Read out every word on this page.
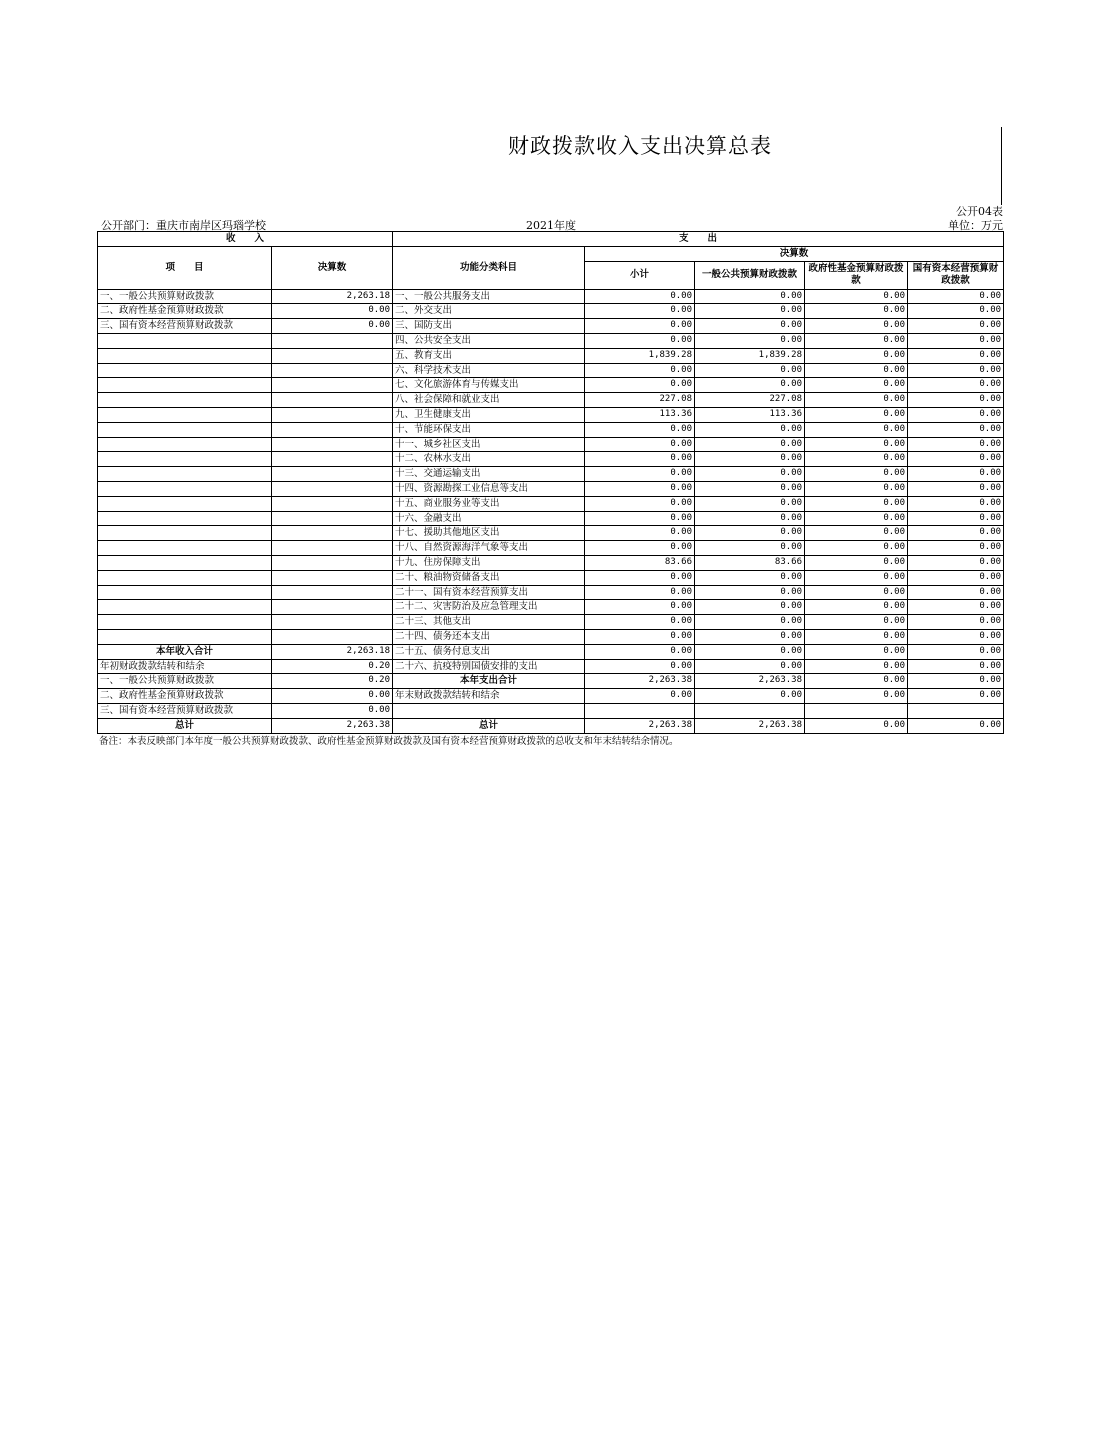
财政拨款收入支出决算总表
公开04表
公开部门：重庆市南岸区玛瑙学校	2021年度	单位：万元
收　　入		支　　出				
项　　目	决算数	功能分类科目	决算数			
			小计	一般公共预算财政拨款	政府性基金预算财政拨款	国有资本经营预算财政拨款
一、一般公共预算财政拨款	2,263.18	一、一般公共服务支出	0.00	0.00	0.00	0.00
二、政府性基金预算财政拨款	0.00	二、外交支出	0.00	0.00	0.00	0.00
三、国有资本经营预算财政拨款	0.00	三、国防支出	0.00	0.00	0.00	0.00
		四、公共安全支出	0.00	0.00	0.00	0.00
		五、教育支出	1,839.28	1,839.28	0.00	0.00
		六、科学技术支出	0.00	0.00	0.00	0.00
		七、文化旅游体育与传媒支出	0.00	0.00	0.00	0.00
		八、社会保障和就业支出	227.08	227.08	0.00	0.00
		九、卫生健康支出	113.36	113.36	0.00	0.00
		十、节能环保支出	0.00	0.00	0.00	0.00
		十一、城乡社区支出	0.00	0.00	0.00	0.00
		十二、农林水支出	0.00	0.00	0.00	0.00
		十三、交通运输支出	0.00	0.00	0.00	0.00
		十四、资源勘探工业信息等支出	0.00	0.00	0.00	0.00
		十五、商业服务业等支出	0.00	0.00	0.00	0.00
		十六、金融支出	0.00	0.00	0.00	0.00
		十七、援助其他地区支出	0.00	0.00	0.00	0.00
		十八、自然资源海洋气象等支出	0.00	0.00	0.00	0.00
		十九、住房保障支出	83.66	83.66	0.00	0.00
		二十、粮油物资储备支出	0.00	0.00	0.00	0.00
		二十一、国有资本经营预算支出	0.00	0.00	0.00	0.00
		二十二、灾害防治及应急管理支出	0.00	0.00	0.00	0.00
		二十三、其他支出	0.00	0.00	0.00	0.00
		二十四、债务还本支出	0.00	0.00	0.00	0.00
本年收入合计	2,263.18	二十五、债务付息支出	0.00	0.00	0.00	0.00
年初财政拨款结转和结余	0.20	二十六、抗疫特别国债安排的支出	0.00	0.00	0.00	0.00
一、一般公共预算财政拨款	0.20	本年支出合计	2,263.38	2,263.38	0.00	0.00
二、政府性基金预算财政拨款	0.00	年末财政拨款结转和结余	0.00	0.00	0.00	0.00
三、国有资本经营预算财政拨款	0.00					
总计	2,263.38	总计	2,263.38	2,263.38	0.00	0.00
备注：本表反映部门本年度一般公共预算财政拨款、政府性基金预算财政拨款及国有资本经营预算财政拨款的总收支和年末结转结余情况。
